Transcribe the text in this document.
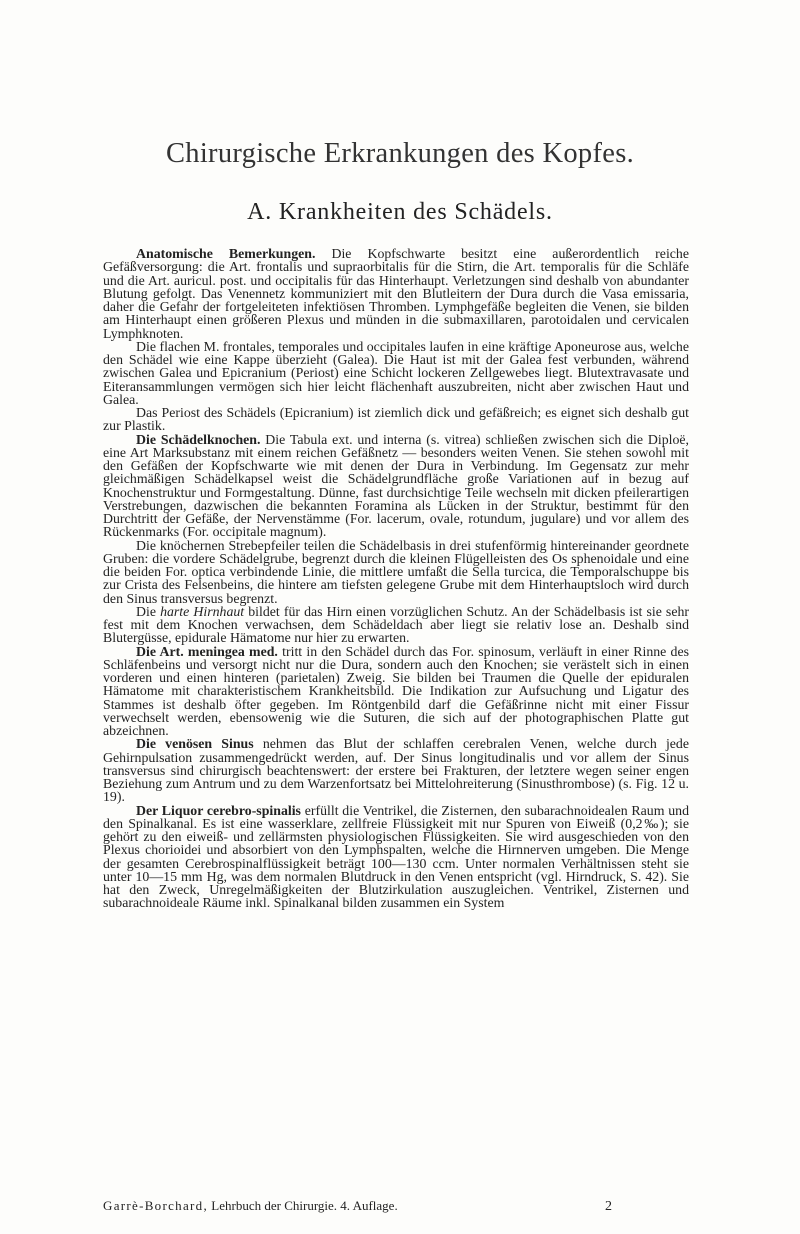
Chirurgische Erkrankungen des Kopfes.
A. Krankheiten des Schädels.

Anatomische Bemerkungen. Die Kopfschwarte besitzt eine außerordentlich reiche Gefäßversorgung: die Art. frontalis und supraorbitalis für die Stirn, die Art. temporalis für die Schläfe und die Art. auricul. post. und occipitalis für das Hinterhaupt. Verletzungen sind deshalb von abundanter Blutung gefolgt. Das Venennetz kommuniziert mit den Blutleitern der Dura durch die Vasa emissaria, daher die Gefahr der fortgeleiteten infektiösen Thromben. Lymphgefäße begleiten die Venen, sie bilden am Hinterhaupt einen größeren Plexus und münden in die submaxillaren, parotoidalen und cervicalen Lymphknoten.

Die flachen M. frontales, temporales und occipitales laufen in eine kräftige Aponeurose aus, welche den Schädel wie eine Kappe überzieht (Galea). Die Haut ist mit der Galea fest verbunden, während zwischen Galea und Epicranium (Periost) eine Schicht lockeren Zellgewebes liegt. Blutextravasate und Eiteransammlungen vermögen sich hier leicht flächenhaft auszubreiten, nicht aber zwischen Haut und Galea.

Das Periost des Schädels (Epicranium) ist ziemlich dick und gefäßreich; es eignet sich deshalb gut zur Plastik.

Die Schädelknochen. Die Tabula ext. und interna (s. vitrea) schließen zwischen sich die Diploë, eine Art Marksubstanz mit einem reichen Gefäßnetz — besonders weiten Venen. Sie stehen sowohl mit den Gefäßen der Kopfschwarte wie mit denen der Dura in Verbindung. Im Gegensatz zur mehr gleichmäßigen Schädelkapsel weist die Schädelgrundfläche große Variationen auf in bezug auf Knochenstruktur und Formgestaltung. Dünne, fast durchsichtige Teile wechseln mit dicken pfeilerartigen Verstrebungen, dazwischen die bekannten Foramina als Lücken in der Struktur, bestimmt für den Durchtritt der Gefäße, der Nervenstämme (For. lacerum, ovale, rotundum, jugulare) und vor allem des Rückenmarks (For. occipitale magnum).

Die knöchernen Strebepfeiler teilen die Schädelbasis in drei stufenförmig hintereinander geordnete Gruben: die vordere Schädelgrube, begrenzt durch die kleinen Flügelleisten des Os sphenoidale und eine die beiden For. optica verbindende Linie, die mittlere umfaßt die Sella turcica, die Temporalschuppe bis zur Crista des Felsenbeins, die hintere am tiefsten gelegene Grube mit dem Hinterhauptsloch wird durch den Sinus transversus begrenzt.

Die harte Hirnhaut bildet für das Hirn einen vorzüglichen Schutz. An der Schädelbasis ist sie sehr fest mit dem Knochen verwachsen, dem Schädeldach aber liegt sie relativ lose an. Deshalb sind Blutergüsse, epidurale Hämatome nur hier zu erwarten.

Die Art. meningea med. tritt in den Schädel durch das For. spinosum, verläuft in einer Rinne des Schläfenbeins und versorgt nicht nur die Dura, sondern auch den Knochen; sie verästelt sich in einen vorderen und einen hinteren (parietalen) Zweig. Sie bilden bei Traumen die Quelle der epiduralen Hämatome mit charakteristischem Krankheitsbild. Die Indikation zur Aufsuchung und Ligatur des Stammes ist deshalb öfter gegeben. Im Röntgenbild darf die Gefäßrinne nicht mit einer Fissur verwechselt werden, ebensowenig wie die Suturen, die sich auf der photographischen Platte gut abzeichnen.

Die venösen Sinus nehmen das Blut der schlaffen cerebralen Venen, welche durch jede Gehirnpulsation zusammengedrückt werden, auf. Der Sinus longitudinalis und vor allem der Sinus transversus sind chirurgisch beachtenswert: der erstere bei Frakturen, der letztere wegen seiner engen Beziehung zum Antrum und zu dem Warzenfortsatz bei Mittelohreiterung (Sinusthrombose) (s. Fig. 12 u. 19).

Der Liquor cerebro-spinalis erfüllt die Ventrikel, die Zisternen, den subarachnoidealen Raum und den Spinalkanal. Es ist eine wasserklare, zellfreie Flüssigkeit mit nur Spuren von Eiweiß (0,2‰); sie gehört zu den eiweiß- und zellärmsten physiologischen Flüssigkeiten. Sie wird ausgeschieden von den Plexus chorioidei und absorbiert von den Lymphspalten, welche die Hirnnerven umgeben. Die Menge der gesamten Cerebrospinalflüssigkeit beträgt 100—130 ccm. Unter normalen Verhältnissen steht sie unter 10—15 mm Hg, was dem normalen Blutdruck in den Venen entspricht (vgl. Hirndruck, S. 42). Sie hat den Zweck, Unregelmäßigkeiten der Blutzirkulation auszugleichen. Ventrikel, Zisternen und subarachnoideale Räume inkl. Spinalkanal bilden zusammen ein System

Garrè-Borchard, Lehrbuch der Chirurgie. 4. Auflage.	2
